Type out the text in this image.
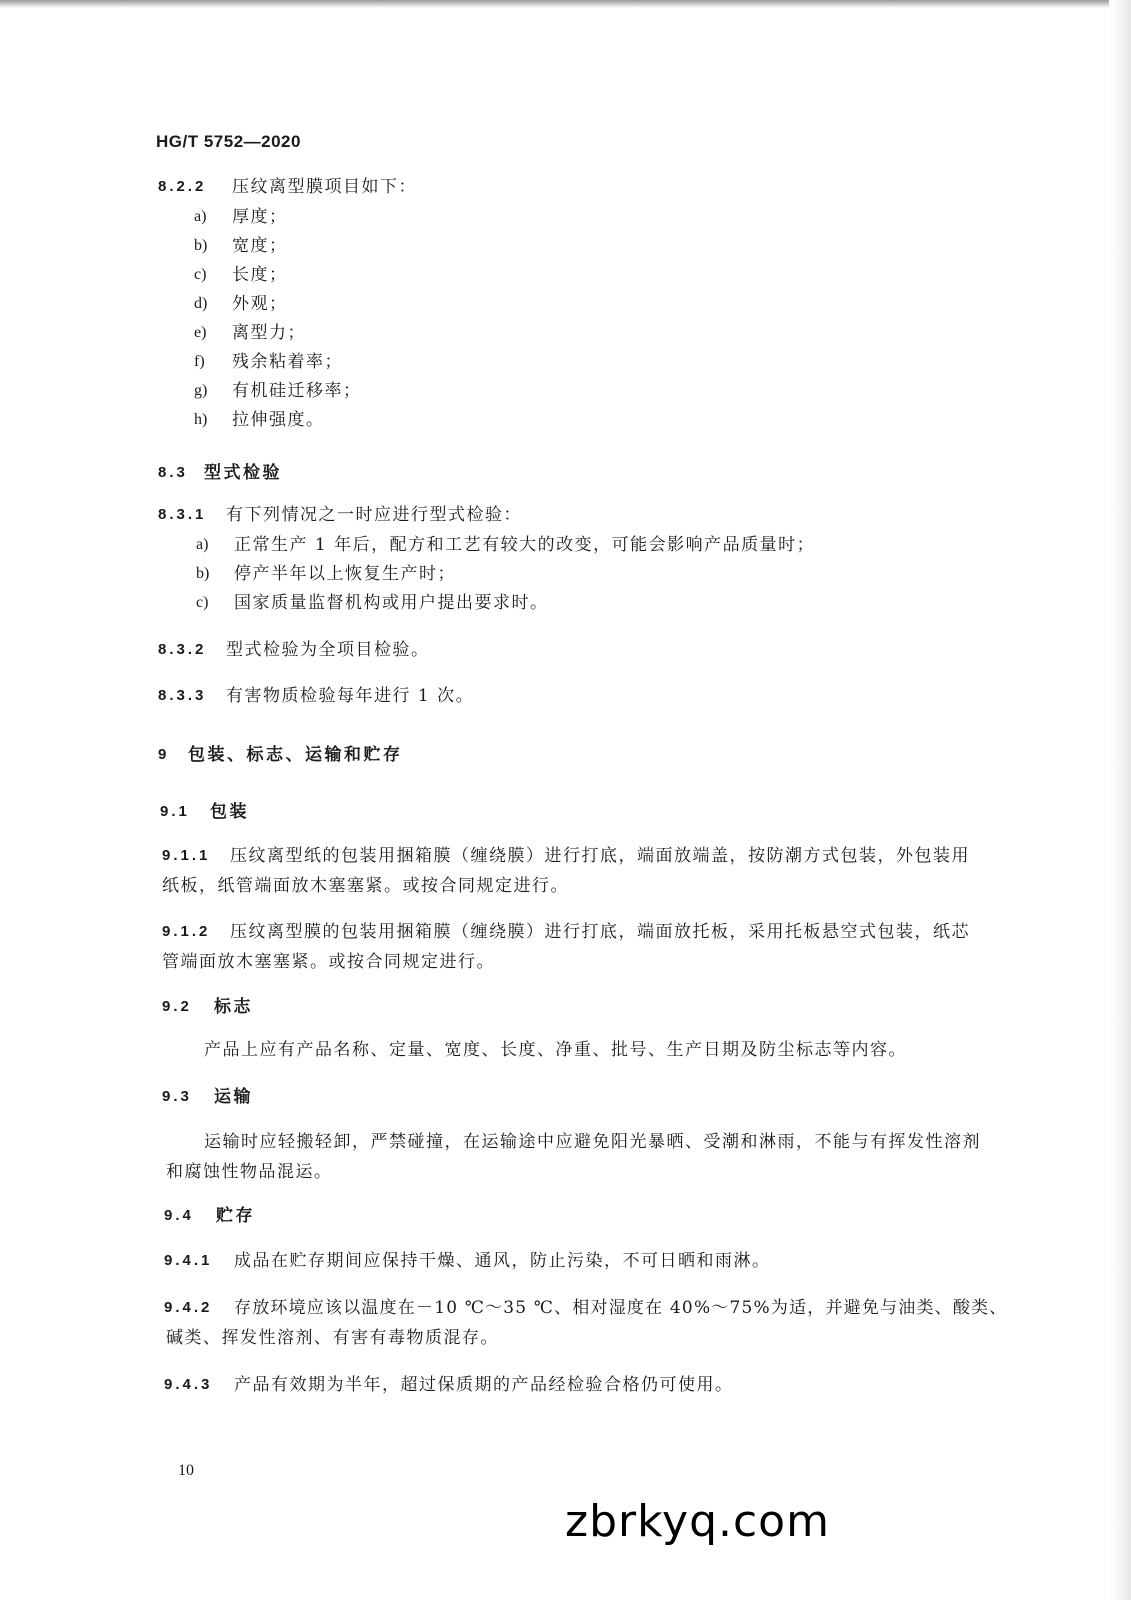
HG/T 5752—2020
8.2.2 压纹离型膜项目如下：
a) 厚度；
b) 宽度；
c) 长度；
d) 外观；
e) 离型力；
f) 残余粘着率；
g) 有机硅迁移率；
h) 拉伸强度。
8.3 型式检验
8.3.1 有下列情况之一时应进行型式检验：
a) 正常生产 1 年后，配方和工艺有较大的改变，可能会影响产品质量时；
b) 停产半年以上恢复生产时；
c) 国家质量监督机构或用户提出要求时。
8.3.2 型式检验为全项目检验。
8.3.3 有害物质检验每年进行 1 次。
9 包装、标志、运输和贮存
9.1 包装
9.1.1 压纹离型纸的包装用捆箱膜（缠绕膜）进行打底，端面放端盖，按防潮方式包装，外包装用
纸板，纸管端面放木塞塞紧。或按合同规定进行。
9.1.2 压纹离型膜的包装用捆箱膜（缠绕膜）进行打底，端面放托板，采用托板悬空式包装，纸芯
管端面放木塞塞紧。或按合同规定进行。
9.2 标志
产品上应有产品名称、定量、宽度、长度、净重、批号、生产日期及防尘标志等内容。
9.3 运输
运输时应轻搬轻卸，严禁碰撞，在运输途中应避免阳光暴晒、受潮和淋雨，不能与有挥发性溶剂
和腐蚀性物品混运。
9.4 贮存
9.4.1 成品在贮存期间应保持干燥、通风，防止污染，不可日晒和雨淋。
9.4.2 存放环境应该以温度在－10 ℃～35 ℃、相对湿度在 40%～75%为适，并避免与油类、酸类、
碱类、挥发性溶剂、有害有毒物质混存。
9.4.3 产品有效期为半年，超过保质期的产品经检验合格仍可使用。
10
zbrkyq.com
